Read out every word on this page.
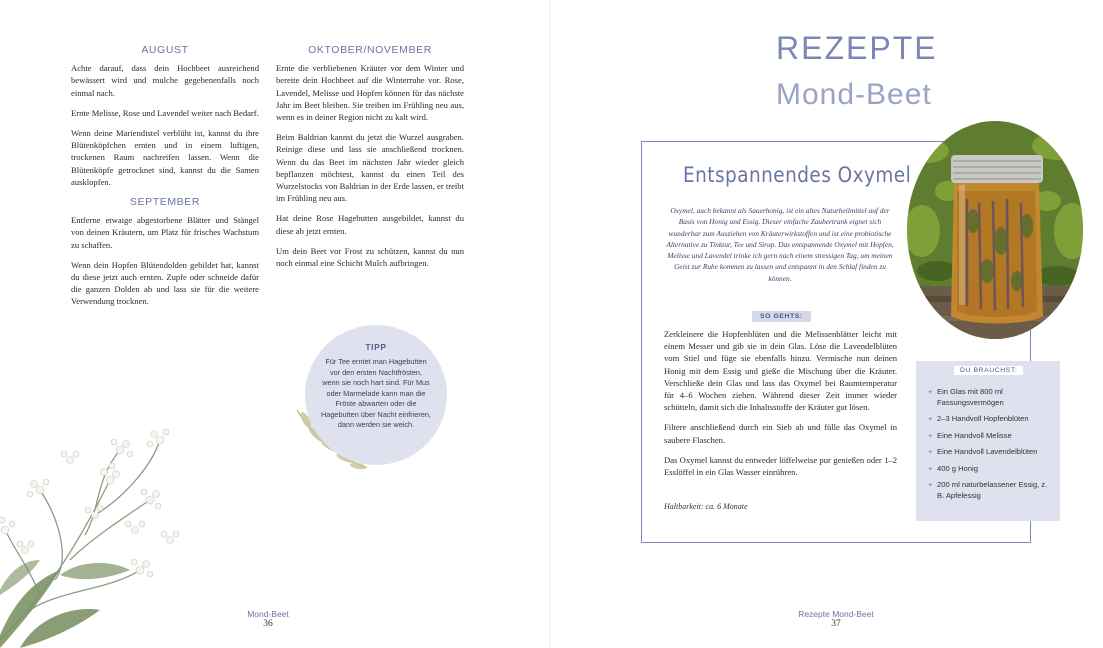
AUGUST

Achte darauf, dass dein Hochbeet ausreichend bewässert wird und mulche gegebenenfalls noch einmal nach.

Ernte Melisse, Rose und Lavendel weiter nach Bedarf.

Wenn deine Mariendistel verblüht ist, kannst du ihre Blütenköpfchen ernten und in einem luftigen, trockenen Raum nachreifen lassen. Wenn die Blütenköpfe getrocknet sind, kannst du die Samen ausklopfen.

SEPTEMBER

Entferne etwaige abgestorbene Blätter und Stängel von deinen Kräutern, um Platz für frisches Wachstum zu schaffen.

Wenn dein Hopfen Blütendolden gebildet hat, kannst du diese jetzt auch ernten. Zupfe oder schneide dafür die ganzen Dolden ab und lass sie für die weitere Verwendung trocknen.

OKTOBER/NOVEMBER

Ernte die verbliebenen Kräuter vor dem Winter und bereite dein Hochbeet auf die Winterruhe vor. Rose, Lavendel, Melisse und Hopfen können für das nächste Jahr im Beet bleiben. Sie treiben im Frühling neu aus, wenn es in deiner Region nicht zu kalt wird.

Beim Baldrian kannst du jetzt die Wurzel ausgraben. Reinige diese und lass sie anschließend trocknen. Wenn du das Beet im nächsten Jahr wieder gleich bepflanzen möchtest, kannst du einen Teil des Wurzelstocks von Baldrian in der Erde lassen, er treibt im Frühling neu aus.

Hat deine Rose Hagebutten ausgebildet, kannst du diese ab jetzt ernten.

Um dein Beet vor Frost zu schützen, kannst du nun noch einmal eine Schicht Mulch aufbringen.

TIPP
Für Tee erntet man Hagebutten vor den ersten Nachtfrösten, wenn sie noch hart sind. Für Mus oder Marmelade kann man die Fröste abwarten oder die Hagebutten über Nacht einfrieren, dann werden sie weich.
Mond-Beet
36
REZEPTE
Mond-Beet
Entspannendes Oxymel
Oxymel, auch bekannt als Sauerhonig, ist ein altes Naturheilmittel auf der Basis von Honig und Essig. Dieser einfache Zaubertrank eignet sich wunderbar zum Ausziehen von Kräuterwirkstoffen und ist eine probiotische Alternative zu Tinktur, Tee und Sirup. Das entspannende Oxymel mit Hopfen, Melisse und Lavendel trinke ich gern nach einem stressigen Tag, um meinen Geist zur Ruhe kommen zu lassen und entspannt in den Schlaf finden zu können.
SO GEHTS:

Zerkleinere die Hopfenblüten und die Melissenblätter leicht mit einem Messer und gib sie in dein Glas. Löse die Lavendelblüten vom Stiel und füge sie ebenfalls hinzu. Vermische nun deinen Honig mit dem Essig und gieße die Mischung über die Kräuter. Verschließe dein Glas und lass das Oxymel bei Raumtemperatur für 4–6 Wochen ziehen. Während dieser Zeit immer wieder schütteln, damit sich die Inhaltsstoffe der Kräuter gut lösen.

Filtere anschließend durch ein Sieb ab und fülle das Oxymel in saubere Flaschen.

Das Oxymel kannst du entweder löffelweise pur genießen oder 1–2 Esslöffel in ein Glas Wasser einrühren.

Haltbarkeit: ca. 6 Monate
DU BRAUCHST:
+ Ein Glas mit 800 ml Fassungsvermögen
+ 2–3 Handvoll Hopfenblüten
+ Eine Handvoll Melisse
+ Eine Handvoll Lavendelblüten
+ 400 g Honig
+ 200 ml naturbelassener Essig, z. B. Apfelessig
Rezepte Mond-Beet
37
